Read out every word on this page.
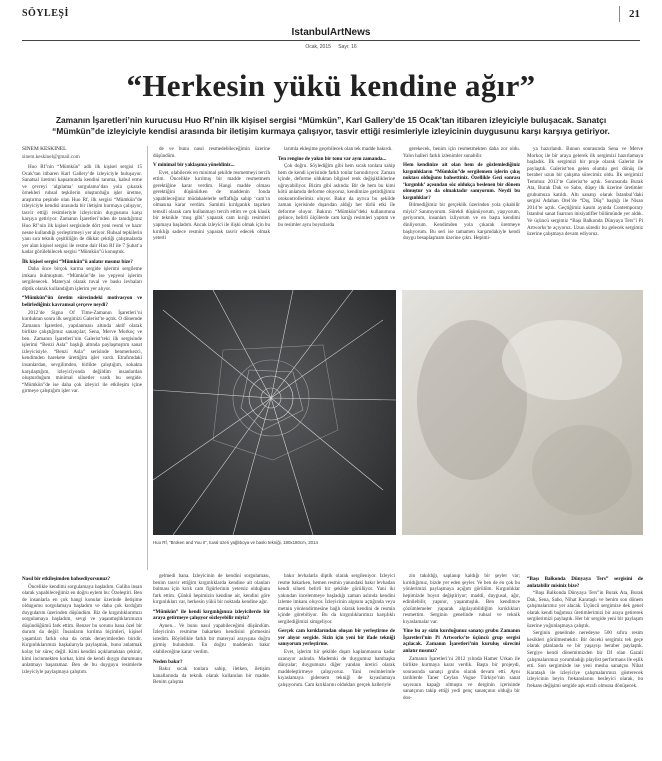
SÖYLEŞİ	21
IstanbulArtNews
Ocak, 2015 Sayı: 16
“Herkesin yükü kendine ağır”
Zamanın İşaretleri’nin kurucusu Huo Rf’nin ilk kişisel sergisi “Mümkün”, Karl Gallery’de 15 Ocak’tan itibaren izleyiciyle buluşacak. Sanatçı “Mümkün”de izleyiciyle kendisi arasında bir iletişim kurmaya çalışıyor, tasvir ettiği resimleriyle izleyicinin duygusunu karşı karşıya getiriyor.

SİNEM KESKİNEL

sinem.keskinel@gmail.com

Huo Rf’nin “Mümkün” adlı ilk kişisel sergisi 15 Ocak’tan itibaren Karl Gallery’de izleyiciyle buluşuyor. Sanatsal üretimi kapsamında kendini tanıma, kabul etme ve çevreyi ‘algılama’ sorgulama’dan yola çıkarak örnekleri ruhsal teşkilerin oluşturduğu işler üretme, araştırma peşinde olan Huo Rf, ilk sergisi “Mümkün”de izleyiciyle kendisi arasında bir iletişim kurmaya çalışıyor, tasvir ettiği resimleriyle izleyicinin duygusunu karşı karşıya getiriyor. Zamanın İşaretleri’nden de tanıdığımız Huo Rf’nin ilk kişisel sergisinde dört yeni resmi ve hazır nesne kullandığı yerleştirmeyi yer alıyor. Ruhsal tepkilerin yanı sıra teknik çeşitliliğin de dikkat çektiği çalışmalarda yer alan kişisel sergisi ile resme dair Huo Rf ile 7 Şubat’a kadar görülebilecek sergisi “Mümkün”ü konuştuk.

İlk kişisel sergisi “Mümkün”ü anlatır mısınız bize?

Daha önce birçok karma sergide işlerimi sergileme imkanı bulmuştum. “Mümkün”de ise yepyeni işlerim sergilenecek. Materyal olarak tuval ve baskı levhaları diptik olarak kullandığım işlerim yer alıyor.

“Mümkün”ün üretim sürecindeki motivasyon ve belirlediğiniz kavramsal çerçeve neydi?

2012’de Signa Of Time-Zamanın İşaretleri’ni kurduktan sonra ilk sergimizi Galerist’te açtık. O dönemde Zamanın İşaretleri, yapılanması altında aktif olarak birlikte çalıştığımız sanatçılar; Sena, Merve Morkoç ve ben. Zamanın İşaretleri’nin Galerist’teki ilk sergisinde işlerimi “Benzi Asla” başlığı altında paylaşmıştım sanat izleyicisiyle. “Benzi Asla” serisinde benmerkezci, kendimden harekete ürettiğim işler vardı. Etrafımdaki insanlardan, sevgilimden, birlikte çalıştığım, sokakta karşılaştığım, izleyiciyonda değildim insanlardan oluşturduğum minimal siluetler vardı bu sergide. “Mümkün”de ise daha çok izleyici ile etkileşim içine girmeye çalıştığım işler var.

de ve bunu nasıl resmedebileceğimin üzerine düşündüm.

V minimal bir yaklaşıma yöneldiniz...

Evet, olabilecek en minimal şekilde resmetmeyi tercih ettim. Öncelikle kırılmış bir madde resmetmem gerektiğine karar verdim. Hangi madde olması gerektiğini düşünürken de maddenin fonda yapabileceğiniz müdahalelerle seffaflığa sahip ‘cam’ın olmasına karar verdim. Samimi kırılganlık taşırken temsili olarak cam kullanmayı tercih ettim ve çok klasik bir teknikle ‘muş gibi’ yaparak cam kırığı resimleri yapmaya başladım. Ancak izleyici ile ilişki olmak için bu kırıklığı sadece resmini yaparak tasvir edecek olmak yeterli

larımla ekleşime geçebilecek olan tek madde bakırdı.

Ten rengine de yakın bir tonu var aynı zamanda...

Çok doğru. Söylediğim gibi hem sıcak tonlara sahip hem de kendi içerisinde farklı tonlar barındırıyor. Zaman içinde, deforme olduktan bilgisel renk değişikliklerine uğrayabiliyor. Bizim gibi aslında: Bir de hem bu kimi kötü anlamda deforme oluyoruz, kendimize getirdiğimiz otokontrollerimiz oluyor. Bakır da ayrıca bu şekilde zaman içerisinde dışarıdan aldığı her türlü etki ile deforme oluyor. Bakırın “Mümkün”deki kullanımına gelince, belirli ölçülerde cam kırığı resimleri yaptım ve bu resimler aynı boyutlarda

gerekecek, benim için resmetmekten daha zor oldu. Yalın halleri farklı izlenimler sunabilir.

Hem kendinize ait olan hem de gözlemlediğiniz kırgınlıkların “Mümkün”de sergilemem işlerin çıkış noktası olduğunu bahsettiniz. Özellikle Gezi sonrası ‘kırgınlık’ açısından söz oldukça beslenen bir dönem olmuştur ya da olmaktadır sanıyorum. Neydi bu kırgınlıklar?

Bilmediğimiz bir gerçeklik üzerinden yola çıkabilir miyiz? Sanmıyorum. Sürekli düşünüyorum, yaşıyorum, geriyorum, insanları izliyorum ve en başta kendimi dinliyorum. Kendimden yola çıkarak üretmeye başlıyorum. Bu seri ise tamamen karşımdakiyle kendi duygu besaplaşmam üzerine çıktı. Hepimi-

ya hazırlandı. Bunun sonrasında Sena ve Merve Morkoç ile bir araya gelerek ilk sergimizi hazırlamaya başladık. İlk sergimizi bir proje olarak Galerist ile paylaştık. Galerist’ten gelen olumlu geri dönüş ile beraber uzun bir çalışma sürecimiz oldu. İlk sergimizi Temmuz 2013’te Galerist’te açtık. Sonrasında Burak Ata, Burak Dak ve Sabo, düşey ilk üzerine üretimler grubumuza katıldı. Altı sanatçı olarak İstanbul’daki sergisi Adahan Otel’de “Dış, Düş” başlığı ile Nisan 2014’te açtık. Geçtiğimiz kasım ayında Contemporary İstanbul sanat fuarının inisiyatifler bölümünde yer aldık. Ve üçüncü sergimiz “Başı Balkonda Dünyaya Ters”i Pi Artworks’te açıyoruz. Uzun süredir bu gelecek sergimiz üzerine çalışmaya devam ediyoruz.

Huo Rf, “Broken and You II”, tuval üzeri yağlıboya ve baskı tekniği, 180x180cm, 2014

Nasıl bir etkileşimden bahsediyorsunuz?

Öncelikle kendimi sorgulamaya başladım. Galiba insan olarak yapabileceğimiz en doğru eylem bu: Özeleştiri. Ben de insanlarla en çok hangi konular üzerinde iletişime oldugumu sorgulamaya başladım ve daha çok kırdığım duygularım üzerinden düşündüm. Biz de kırgınlıklarımızı sorgulamaya başladım, sevgi ve yaşanmışlıklarımızın düşündüğümü fark ettim. Benzer bu sorunu bana özel bir durum da değil: İnsanların kırılma biçimleri, kişisel yaşamları farklı olsa da ortak deneyimlerden biridir. Kırgınlıklarımızı başkalarıyla paylaşmak, bunu anlatmak kolay bir süreç değil. Kimi kendini açıklamaktan çekinir, kimi incinmekten korkar, kimi de kendi duygu durumunu anlatmayı başaramaz. Ben de bu duyguyu resimlerle izleyiciyle paylaşmaya çalıştım.

gelmedi bana. İzleyicinin de kendini sorgulaması, benim tasvir ettiğim kırgınlıklarda kendine ait olanları bulması için kırık cam figürlerinin yetersiz olduğunu fark ettim. Çünkü hepimizin kendine ait, kendini göre kırgınlıkları var, herkesin yükü bir noktada kendine ağır.

“Mümkün” ile kendi kırgınlığınıza izleyicilerde bir araya getirmeye çalışıyor sözleyebilir miyiz?

Aynen... Ve bunu nasıl yapabileceğimi düşündüm. İzleyicinin resmime bakarken kendisini görmesini istedim. Böylelikle farklı bir materyal arayışına doğru girmiş bulundum. En doğru maddenin bakır olabileceğine karar verdim.

Neden bakır?

Bakır sıcak tonlara sahip, iletken, iletişim kanallarında da teknik olarak kullanılan bir madde. Benim çalışma

bakır levhalarla diptik olarak sergileniyor. İzleyici resme bakarken, hemen resmin yanındaki bakır levhadan kendi silueti belirli bir şekilde görülüyor. Yani iki yakından incelenmeye başladığı zaman aslında kendini izleme imkanı oluyor. İzleyicinin algısını açtığında veya metnin yönlendirmesine bağlı olarak kendini de resmin içinde görebiliyor. Bu da kırgınlıklarımızı karşılıklı sergilediğimizi simgeliyor.

Gerçek cam kırıklarından oluşan bir yerleştirme de yer alıyor sergide. Sizin için yeni bir ifade tekniği sanıyorum yerleştirme.

Evet, işlerim bir şekilde dışarı kaplanmasına kadar uzanıyor aslında. Mademki de duygumuz bambaşka dünyalar; duygumuzu diğer yandan üretici olarak maddeleştirmeye çalışıyoruz. Yani resimlerimle kıyaslamaya gidersem tekniği de kıyaslamaya çalışıyorum. Cam kırıklarını oldukları gerçek halleriyle

zin takıldığı, saplanıp kaldığı bir şeyler var; kırıldığımız, bizde yer eden şeyler. Ve ben de en çok bu yönlerimizi paylaşmaya açığım görülüm. Kırgınlıklar hepimizde boyut değiştiriyor; maddi, duygusal, ağır, edinilebilir, yapınır, yaşanmışlık. Ben kendimce çözümlemeler yaparak algılayabildiğim kırıklıkları resmettim. Serginin genelinde ruhsal ve teknik kıyaslamalar var.

Yine bu ay sizin kurduğunuz sanatçı grubu Zamanın İşaretleri’nin Pi Artworks’te üçüncü grup sergisi açılacak. Zamanın İşaretleri’nin kuruluş sürecini anlatır mısınız?

Zamanın İşaretleri’ni 2012 yılında Hamer Urkan ile birlikte kurmaya karar verdik. Başta bir projeydi, sonrasında sanatçı grubu olarak devam etti. Aynı tarihlerde Taner Ceylan Vogue Türkiye’nin sanat sayısının kapağı olmuştu ve derginin içerisinde sanatçının takip ettiği yedi genç sanatçının olduğu bir dos-

“Başı Balkonda Dünyaya Ters” sergisini de anlatabilir misiniz bize?

“Başı Balkonda Dünyaya Ters”in Burak Ata, Burak Dak, Sena, Sabo, Nihat Karataşlı ve benim son dönem çalışmalarımız yer alacak. Üçüncü sergimize dek genel olarak kendi bağımsız üretimlerimizi bir araya getirerek sergilerimizi paylaştık. Her bir sergide yeni bir paylaşım üzerine yoğunlaşmaya çalıştık.

Serginin genelinde neredeyse 500 sıfıra resim kesikleri görülmemektir. Bir önceki sergimiz tek geçe olarak planlanda ve bir yaşayışı beraber paylaştık. Sergiye kendi dönemimizden bir DJ olan Gazali çalışmalarımızı yorumladığı playlist performans ile eşlik etti. Son sergimizde ise yeni mesha sanatçısı Nihat Karataşlı ile izleyiciye çalışmalarımızı gösterecek izleyicinin beyin frekanslarını besleyici olarak, bu frekans değişimi sergide aşk etrafı olmuna dönüşecek.
